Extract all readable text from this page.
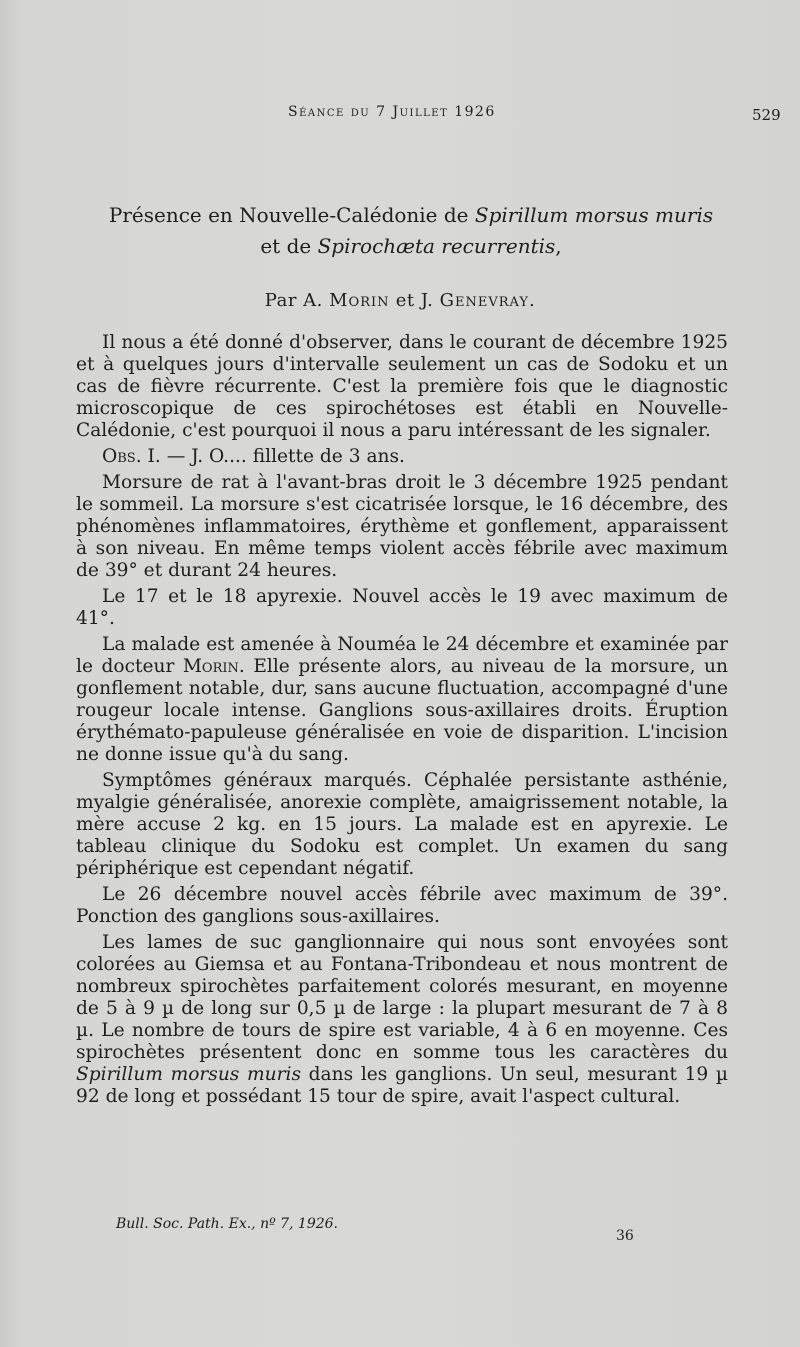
Séance du 7 Juillet 1926	529
Présence en Nouvelle-Calédonie de Spirillum morsus muris
et de Spirochæta recurrentis,
Par A. Morin et J. Genevray.

Il nous a été donné d'observer, dans le courant de décembre 1925 et à quelques jours d'intervalle seulement un cas de Sodoku et un cas de fièvre récurrente. C'est la première fois que le diagnostic microscopique de ces spirochétoses est établi en Nouvelle-Calédonie, c'est pourquoi il nous a paru intéressant de les signaler.

Obs. I. — J. O.... fillette de 3 ans.

Morsure de rat à l'avant-bras droit le 3 décembre 1925 pendant le sommeil. La morsure s'est cicatrisée lorsque, le 16 décembre, des phénomènes inflammatoires, érythème et gonflement, apparaissent à son niveau. En même temps violent accès fébrile avec maximum de 39° et durant 24 heures.

Le 17 et le 18 apyrexie. Nouvel accès le 19 avec maximum de 41°.

La malade est amenée à Nouméa le 24 décembre et examinée par le docteur Morin. Elle présente alors, au niveau de la morsure, un gonflement notable, dur, sans aucune fluctuation, accompagné d'une rougeur locale intense. Ganglions sous-axillaires droits. Éruption érythémato-papuleuse généralisée en voie de disparition. L'incision ne donne issue qu'à du sang.

Symptômes généraux marqués. Céphalée persistante asthénie, myalgie généralisée, anorexie complète, amaigrissement notable, la mère accuse 2 kg. en 15 jours. La malade est en apyrexie. Le tableau clinique du Sodoku est complet. Un examen du sang périphérique est cependant négatif.

Le 26 décembre nouvel accès fébrile avec maximum de 39°. Ponction des ganglions sous-axillaires.

Les lames de suc ganglionnaire qui nous sont envoyées sont colorées au Giemsa et au Fontana-Tribondeau et nous montrent de nombreux spirochètes parfaitement colorés mesurant, en moyenne de 5 à 9 µ de long sur 0,5 µ de large : la plupart mesurant de 7 à 8 µ. Le nombre de tours de spire est variable, 4 à 6 en moyenne. Ces spirochètes présentent donc en somme tous les caractères du Spirillum morsus muris dans les ganglions. Un seul, mesurant 19 µ 92 de long et possédant 15 tour de spire, avait l'aspect cultural.

Bull. Soc. Path. Ex., nº 7, 1926.
36
